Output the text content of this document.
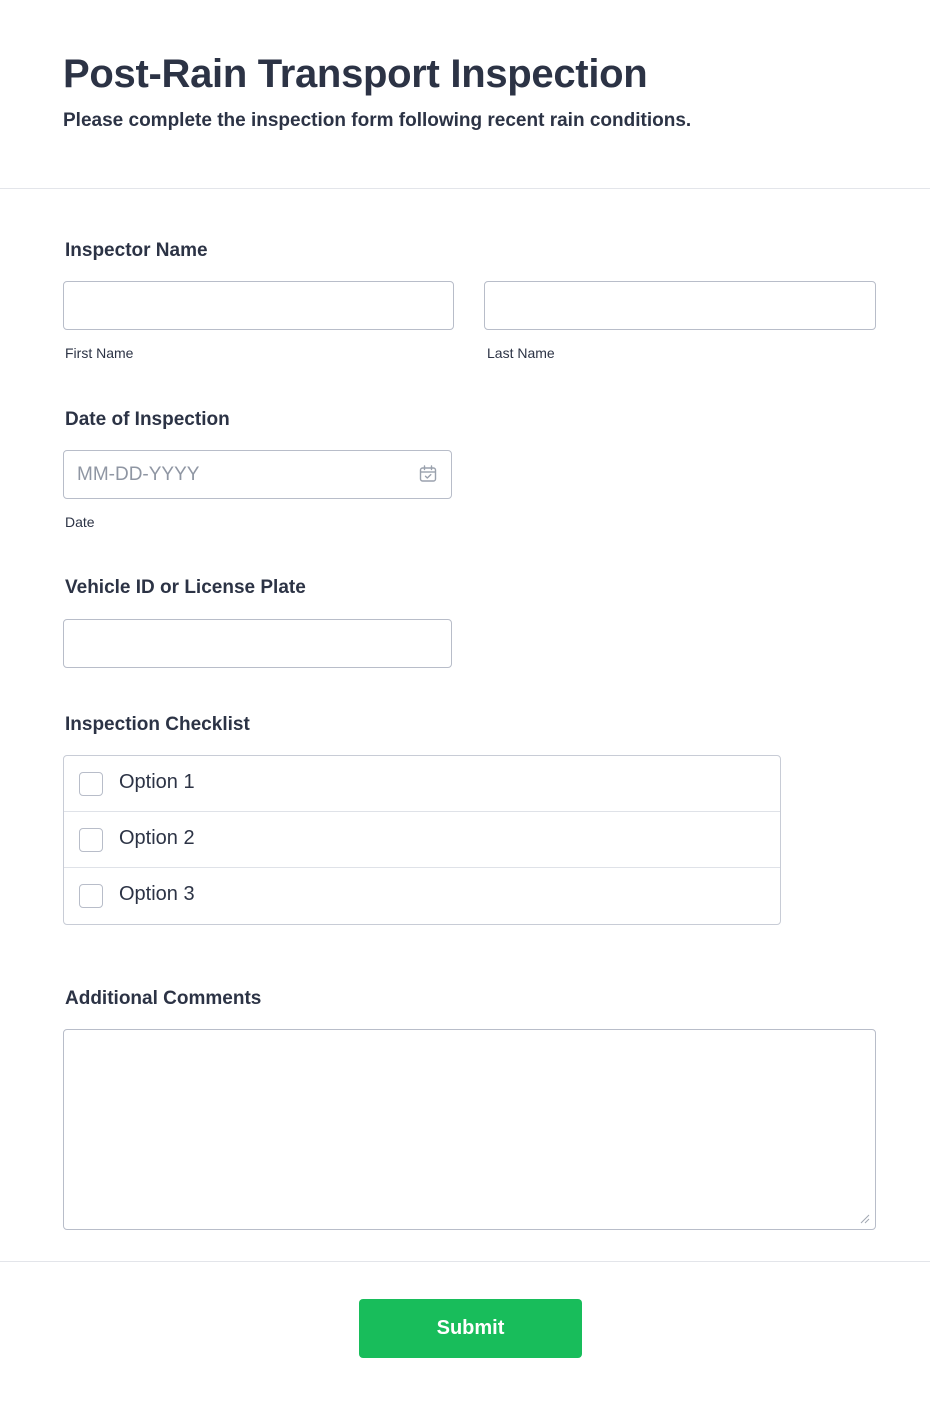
Post-Rain Transport Inspection

Please complete the inspection form following recent rain conditions.

Inspector Name
First Name	Last Name
Date of Inspection
MM-DD-YYYY
Date
Vehicle ID or License Plate
Inspection Checklist
Option 1
Option 2
Option 3
Additional Comments
Submit
